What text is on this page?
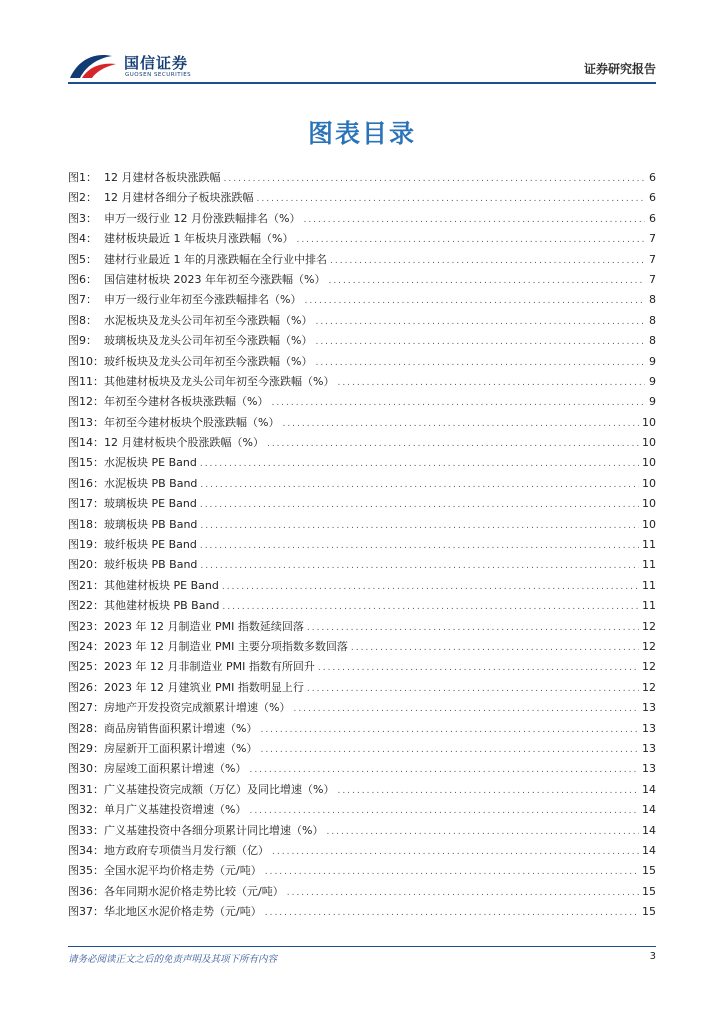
国信证券
GUOSEN SECURITIES	证券研究报告
图表目录
图1： 12 月建材各板块涨跌幅 .....	6
图2： 12 月建材各细分子板块涨跌幅 .....	6
图3： 申万一级行业 12 月份涨跌幅排名（%） .....	6
图4： 建材板块最近 1 年板块月涨跌幅（%） .....	7
图5： 建材行业最近 1 年的月涨跌幅在全行业中排名 .....	7
图6： 国信建材板块 2023 年年初至今涨跌幅（%） .....	7
图7： 申万一级行业年初至今涨跌幅排名（%） .....	8
图8： 水泥板块及龙头公司年初至今涨跌幅（%） .....	8
图9： 玻璃板块及龙头公司年初至今涨跌幅（%） .....	8
图10： 玻纤板块及龙头公司年初至今涨跌幅（%） .....	9
图11： 其他建材板块及龙头公司年初至今涨跌幅（%） .....	9
图12： 年初至今建材各板块涨跌幅（%） .....	9
图13： 年初至今建材板块个股涨跌幅（%） .....	10
图14： 12 月建材板块个股涨跌幅（%） .....	10
图15： 水泥板块 PE Band .....	10
图16： 水泥板块 PB Band .....	10
图17： 玻璃板块 PE Band .....	10
图18： 玻璃板块 PB Band .....	10
图19： 玻纤板块 PE Band .....	11
图20： 玻纤板块 PB Band .....	11
图21： 其他建材板块 PE Band .....	11
图22： 其他建材板块 PB Band .....	11
图23： 2023 年 12 月制造业 PMI 指数延续回落 .....	12
图24： 2023 年 12 月制造业 PMI 主要分项指数多数回落 .....	12
图25： 2023 年 12 月非制造业 PMI 指数有所回升 .....	12
图26： 2023 年 12 月建筑业 PMI 指数明显上行 .....	12
图27： 房地产开发投资完成额累计增速（%） .....	13
图28： 商品房销售面积累计增速（%） .....	13
图29： 房屋新开工面积累计增速（%） .....	13
图30： 房屋竣工面积累计增速（%） .....	13
图31： 广义基建投资完成额（万亿）及同比增速（%） .....	14
图32： 单月广义基建投资增速（%） .....	14
图33： 广义基建投资中各细分项累计同比增速（%） .....	14
图34： 地方政府专项债当月发行额（亿） .....	14
图35： 全国水泥平均价格走势（元/吨） .....	15
图36： 各年同期水泥价格走势比较（元/吨） .....	15
图37： 华北地区水泥价格走势（元/吨） .....	15
请务必阅读正文之后的免责声明及其项下所有内容	3
